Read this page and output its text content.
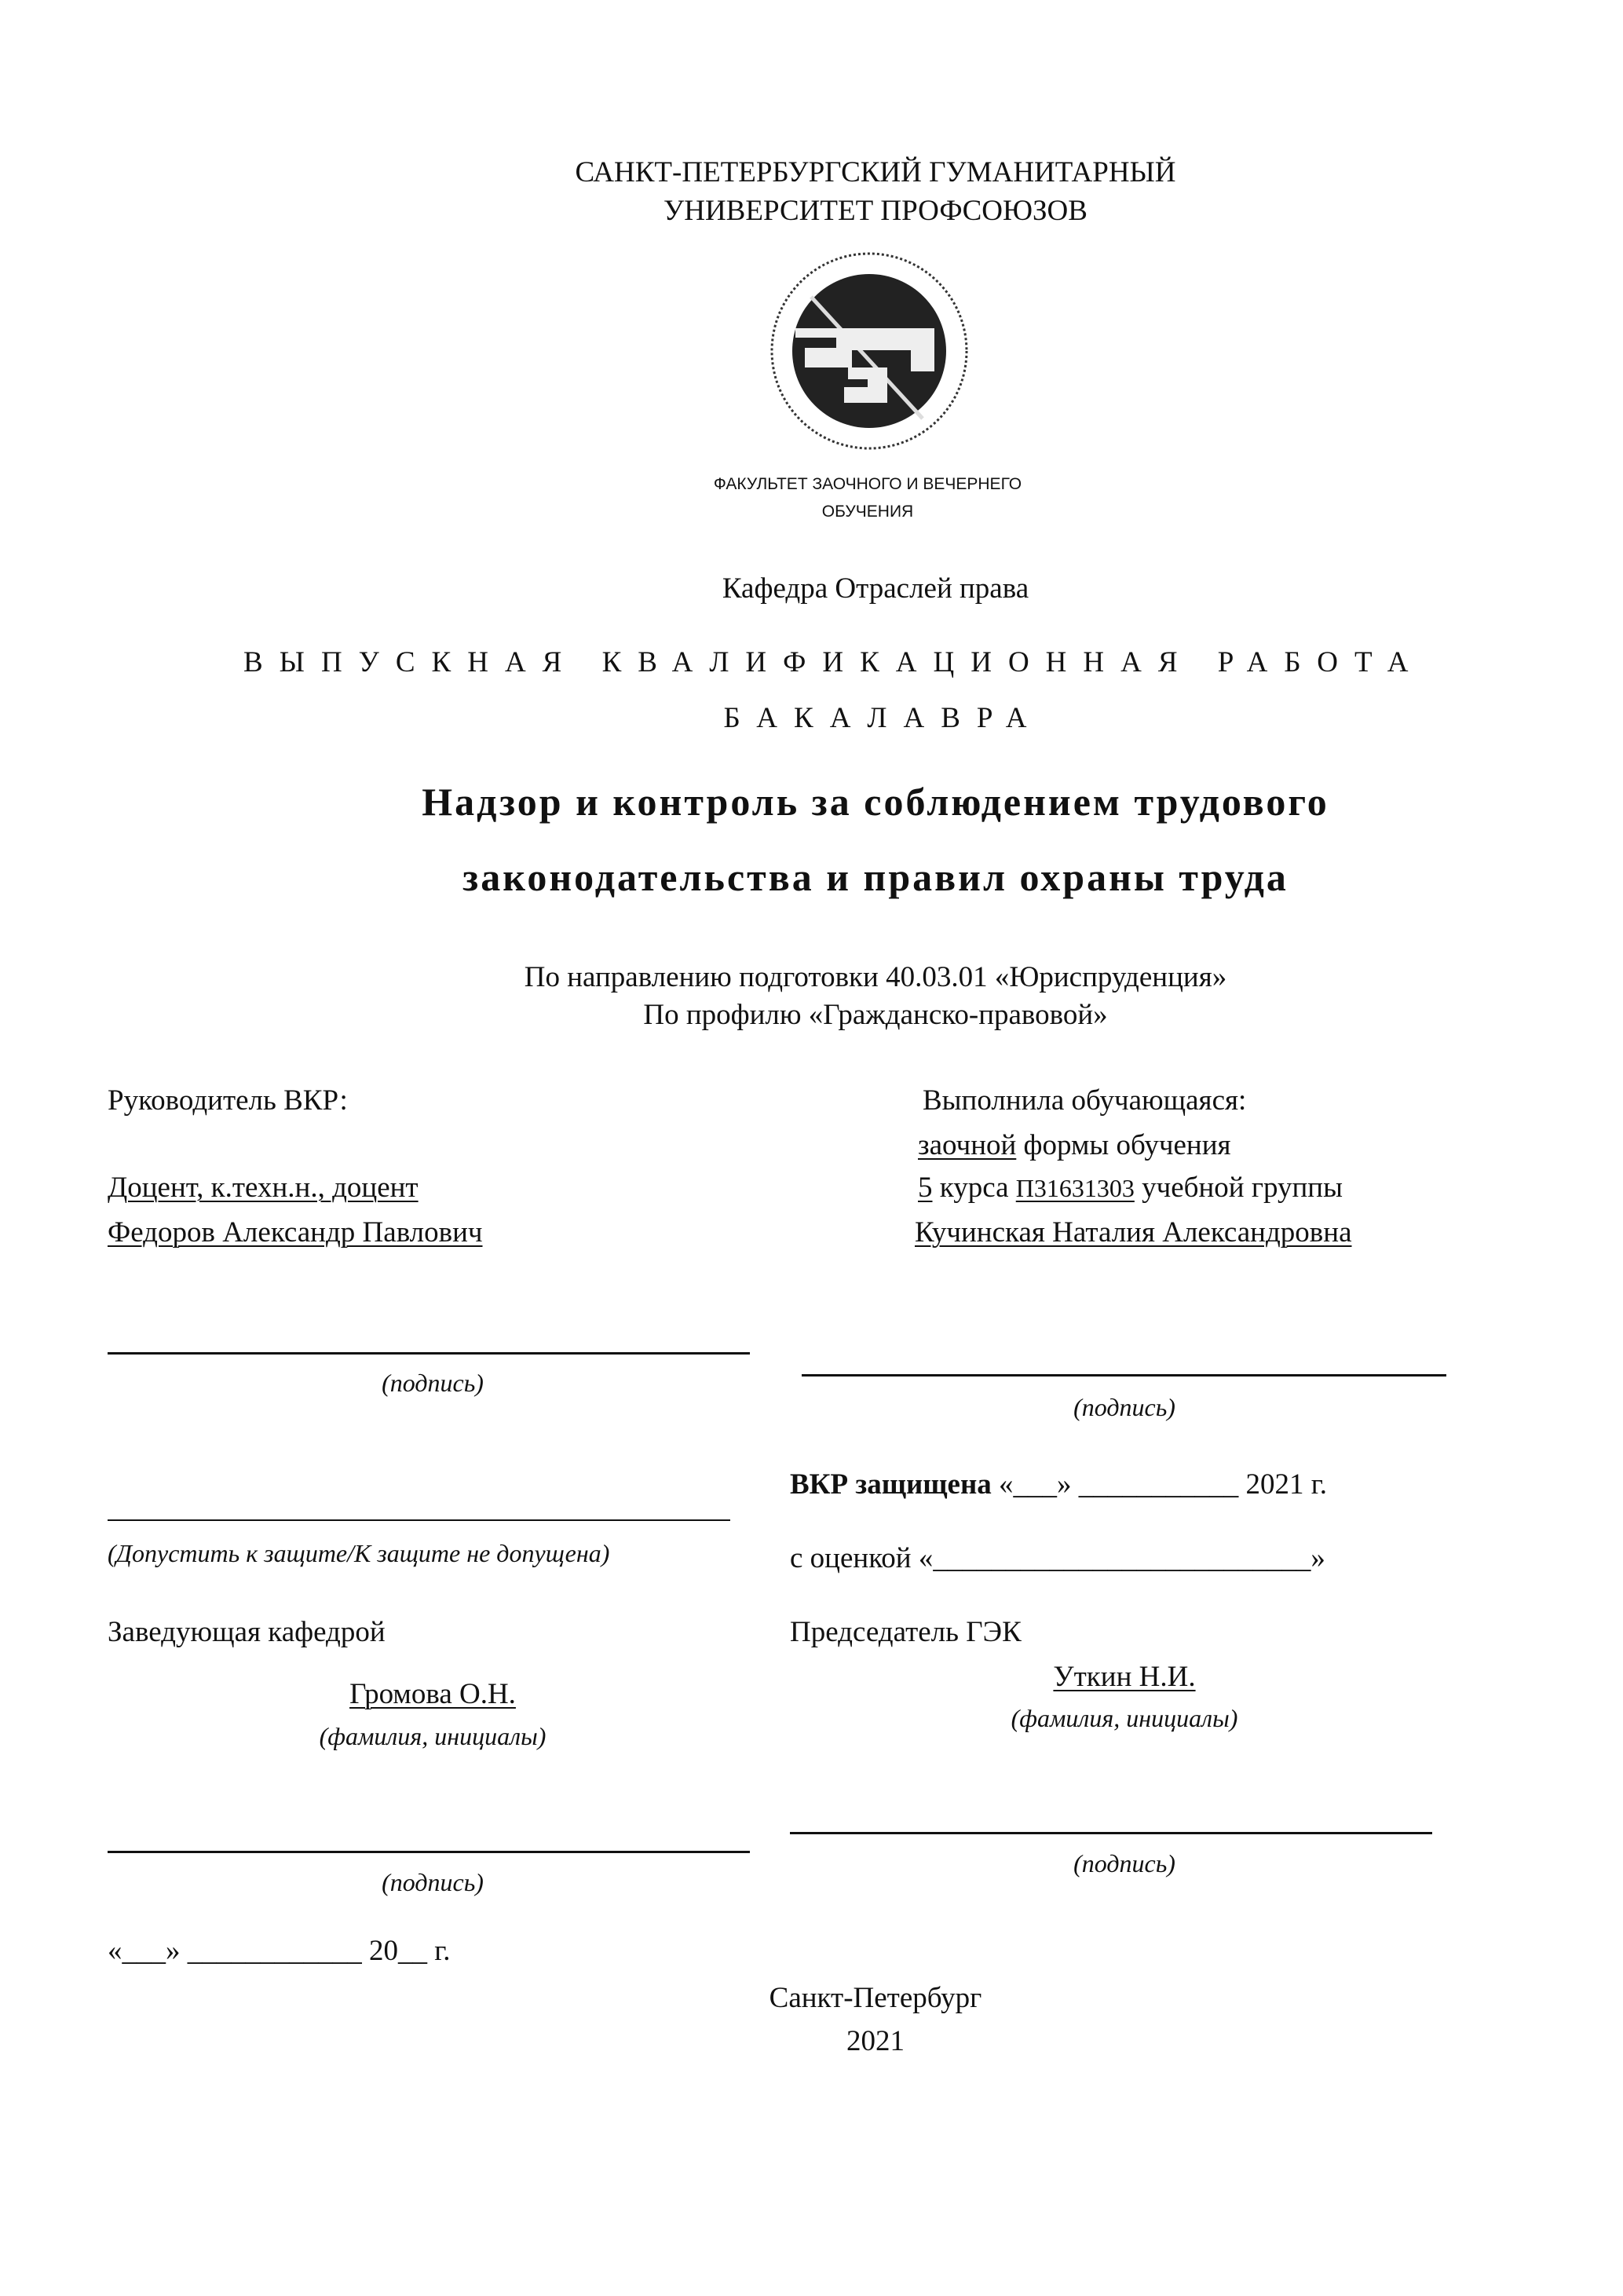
САНКТ-ПЕТЕРБУРГСКИЙ ГУМАНИТАРНЫЙ
УНИВЕРСИТЕТ ПРОФСОЮЗОВ
ФАКУЛЬТЕТ ЗАОЧНОГО И ВЕЧЕРНЕГО
ОБУЧЕНИЯ
Кафедра Отраслей права
ВЫПУСКНАЯ КВАЛИФИКАЦИОННАЯ РАБОТА
БАКАЛАВРА
Надзор и контроль за соблюдением трудового
законодательства и правил охраны труда
По направлению подготовки 40.03.01 «Юриспруденция»
По профилю «Гражданско-правовой»
Руководитель ВКР:
Доцент, к.техн.н., доцент
Федоров Александр Павлович
Выполнила обучающаяся:
заочной формы обучения
5 курса П31631303 учебной группы
Кучинская Наталия Александровна
(подпись)
(подпись)
ВКР защищена «___» ___________ 2021 г.
(Допустить к защите/К защите не допущена)	с оценкой «__________________________»
Заведующая кафедрой	Председатель ГЭК
Громова О.Н.
(фамилия, инициалы)
Уткин Н.И.
(фамилия, инициалы)
(подпись)
(подпись)
«___» ____________ 20__ г.
Санкт-Петербург
2021
